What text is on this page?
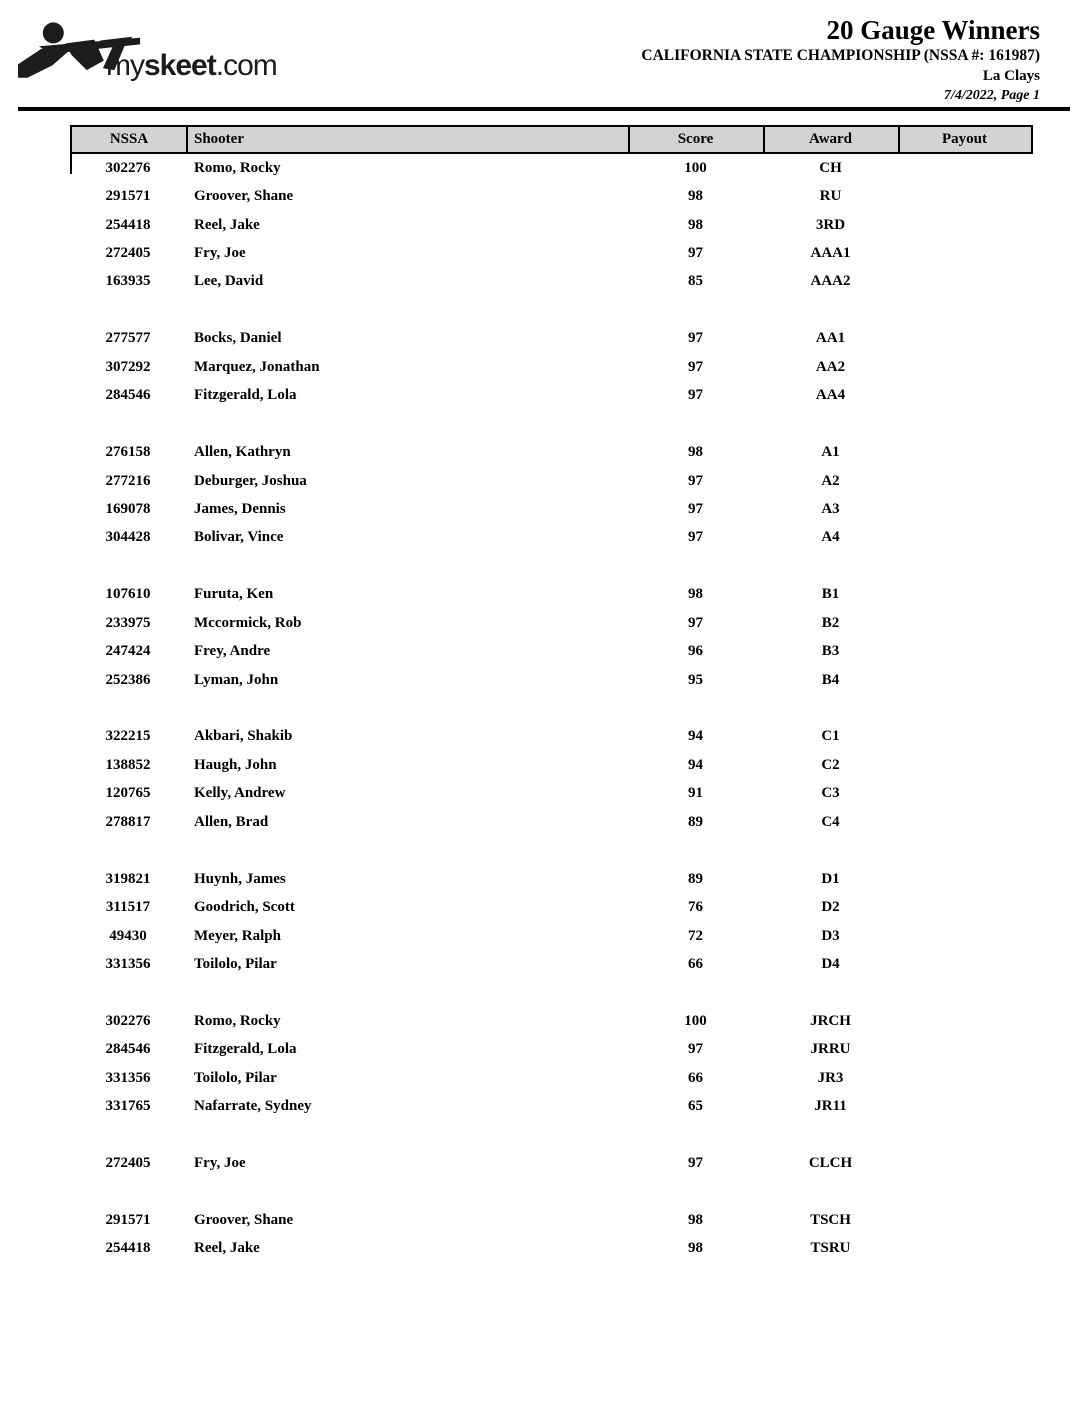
myskeet.com
20 Gauge Winners
CALIFORNIA STATE CHAMPIONSHIP (NSSA #: 161987)
La Clays
7/4/2022, Page 1
NSSA	Shooter	Score	Award	Payout
302276	Romo, Rocky	100	CH
291571	Groover, Shane	98	RU
254418	Reel, Jake	98	3RD
272405	Fry, Joe	97	AAA1
163935	Lee, David	85	AAA2
277577	Bocks, Daniel	97	AA1
307292	Marquez, Jonathan	97	AA2
284546	Fitzgerald, Lola	97	AA4
276158	Allen, Kathryn	98	A1
277216	Deburger, Joshua	97	A2
169078	James, Dennis	97	A3
304428	Bolivar, Vince	97	A4
107610	Furuta, Ken	98	B1
233975	Mccormick, Rob	97	B2
247424	Frey, Andre	96	B3
252386	Lyman, John	95	B4
322215	Akbari, Shakib	94	C1
138852	Haugh, John	94	C2
120765	Kelly, Andrew	91	C3
278817	Allen, Brad	89	C4
319821	Huynh, James	89	D1
311517	Goodrich, Scott	76	D2
49430	Meyer, Ralph	72	D3
331356	Toilolo, Pilar	66	D4
302276	Romo, Rocky	100	JRCH
284546	Fitzgerald, Lola	97	JRRU
331356	Toilolo, Pilar	66	JR3
331765	Nafarrate, Sydney	65	JR11
272405	Fry, Joe	97	CLCH
291571	Groover, Shane	98	TSCH
254418	Reel, Jake	98	TSRU
